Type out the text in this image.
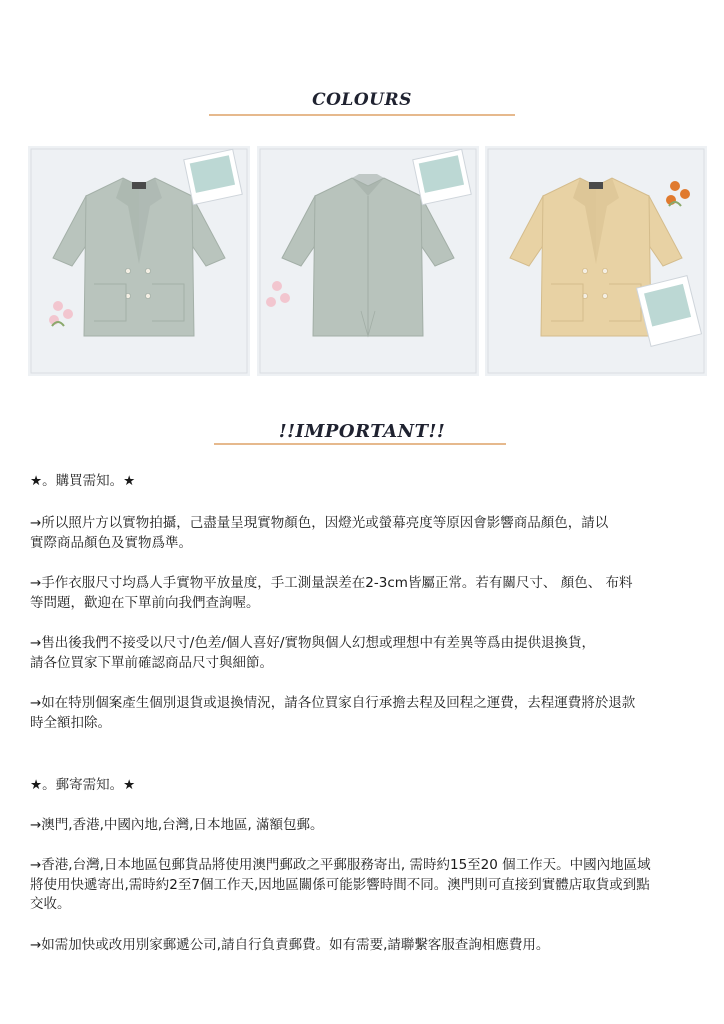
COLOURS
!!IMPORTANT!!
★。購買需知。★
→所以照片方以實物拍攝，己盡量呈現實物顏色，因燈光或螢幕亮度等原因會影響商品顏色，請以
實際商品顏色及實物爲準。
→手作衣服尺寸均爲人手實物平放量度，手工測量誤差在2-3cm皆屬正常。若有關尺寸、 顏色、 布料
等問題，歡迎在下單前向我們查詢喔。
→售出後我們不接受以尺寸/色差/個人喜好/實物與個人幻想或理想中有差異等爲由提供退換貨，
請各位買家下單前確認商品尺寸與細節。
→如在特別個案產生個別退貨或退換情況，請各位買家自行承擔去程及回程之運費，去程運費將於退款
時全額扣除。
★。郵寄需知。★
→澳門,香港,中國內地,台灣,日本地區, 滿額包郵。
→香港,台灣,日本地區包郵貨品將使用澳門郵政之平郵服務寄出, 需時約15至20 個工作天。中國內地區域
將使用快遞寄出,需時約2至7個工作天,因地區關係可能影響時間不同。澳門則可直接到實體店取貨或到點
交收。
→如需加快或改用別家郵遞公司,請自行負責郵費。如有需要,請聯繫客服查詢相應費用。
